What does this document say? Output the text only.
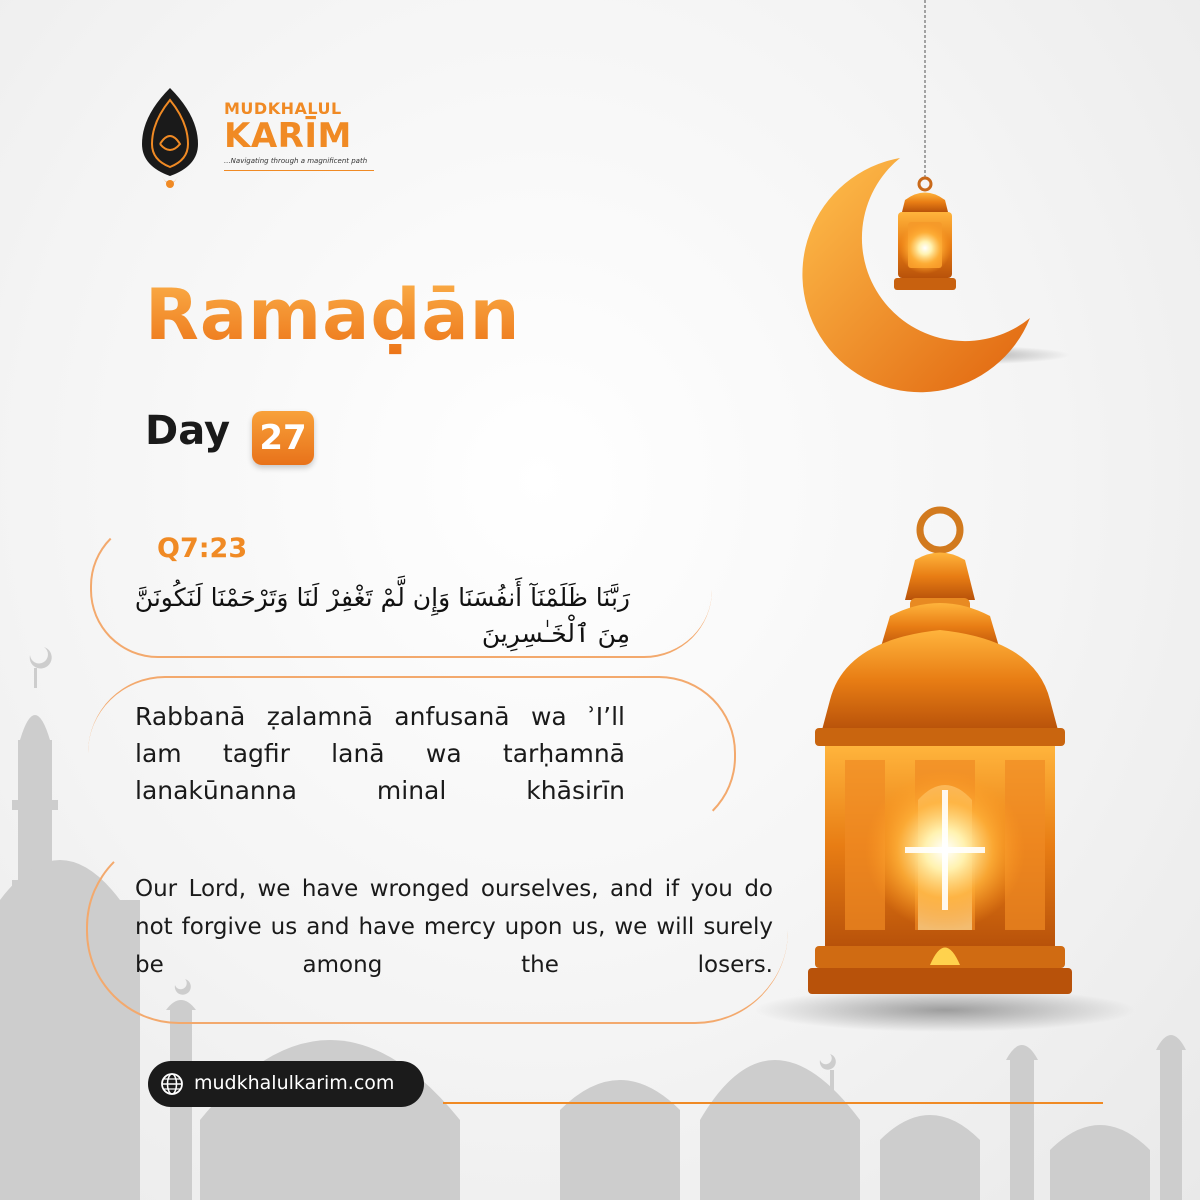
MUDKHALUL
KARĪM
...Navigating through a magnificent path
Ramaḍān
Day 27
Q7:23
رَبَّنَا ظَلَمْنَآ أَنفُسَنَا وَإِن لَّمْ تَغْفِرْ لَنَا وَتَرْحَمْنَا لَنَكُونَنَّ مِنَ ٱلْخَـٰسِرِينَ
Rabbanā ẓalamnā anfusanā wa ʾI’ll lam tagfir lanā wa tarḥamnā lanakūnanna minal khāsirīn
Our Lord, we have wronged ourselves, and if you do not forgive us and have mercy upon us, we will surely be among the losers.
mudkhalulkarim.com
